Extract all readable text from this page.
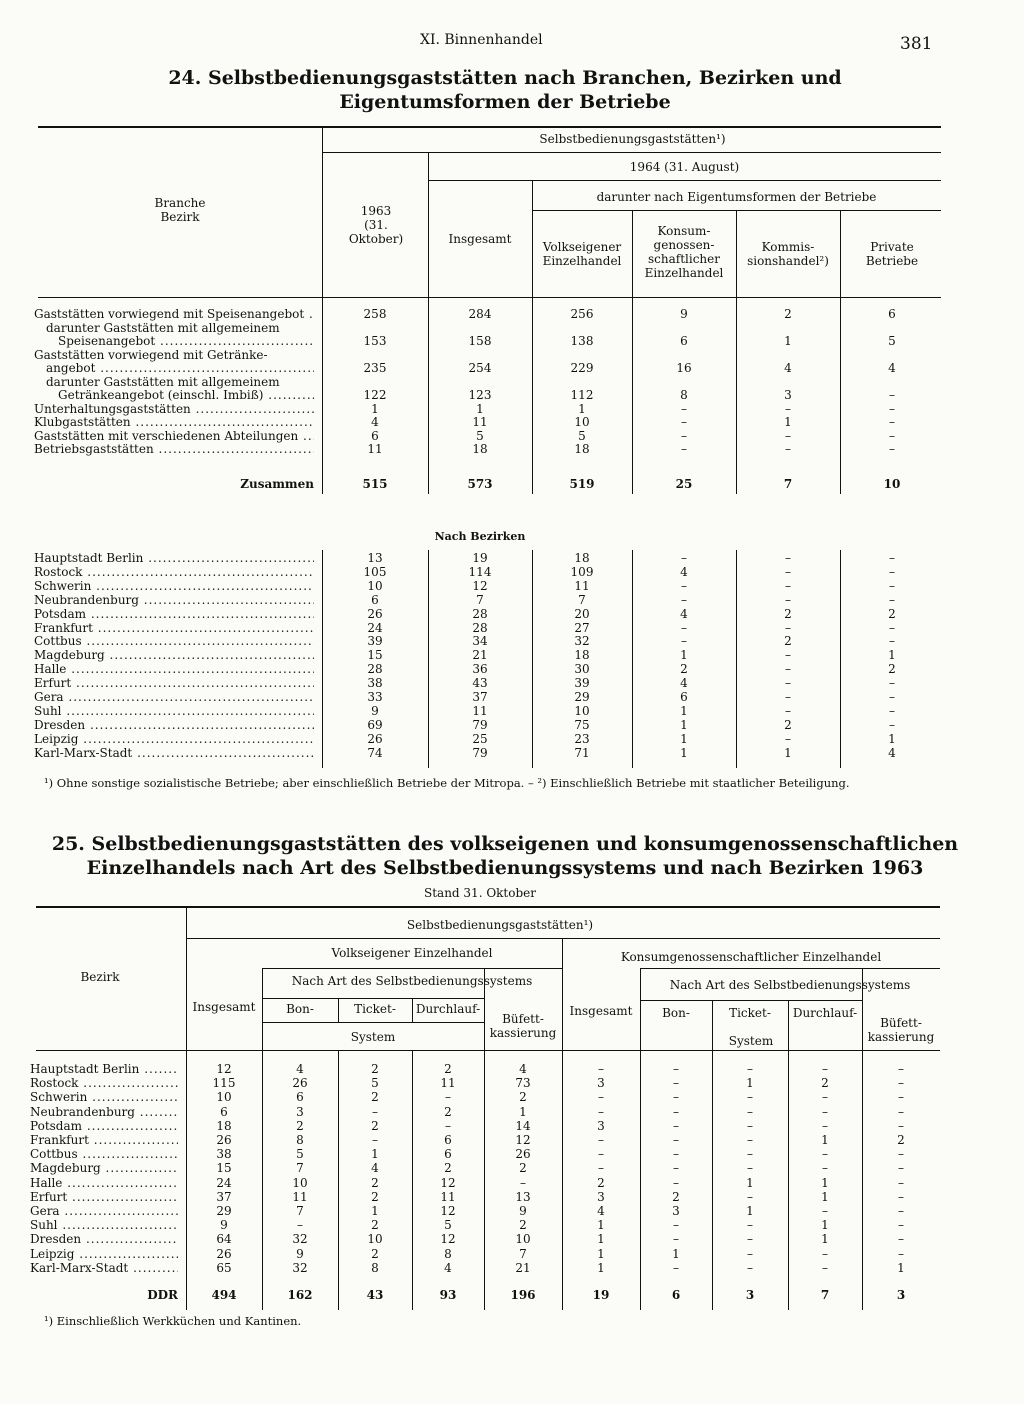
XI. Binnenhandel	381
24. Selbstbedienungsgaststätten nach Branchen, Bezirken und
Eigentumsformen der Betriebe
Branche
Bezirk
Selbstbedienungsgaststätten¹)
1963
(31.
Oktober)
1964 (31. August)
Insgesamt
darunter nach Eigentumsformen der Betriebe
Volkseigener
Einzelhandel
Konsum-
genossen-
schaftlicher
Einzelhandel
Kommis-
sionshandel²)
Private
Betriebe
Gaststätten vorwiegend mit Speisenangebot .....	258	284	256	9	2	6
darunter Gaststätten mit allgemeinem
Speisenangebot .....	153	158	138	6	1	5
Gaststätten vorwiegend mit Getränke-
angebot .....	235	254	229	16	4	4
darunter Gaststätten mit allgemeinem
Getränkeangebot (einschl. Imbiß) .....	122	123	112	8	3	–
Unterhaltungsgaststätten .....	1	1	1	–	–	–
Klubgaststätten .....	4	11	10	–	1	–
Gaststätten mit verschiedenen Abteilungen .....	6	5	5	–	–	–
Betriebsgaststätten .....	11	18	18	–	–	–
Zusammen	515	573	519	25	7	10
Nach Bezirken
Hauptstadt Berlin .....	13	19	18	–	–	–
Rostock .....	105	114	109	4	–	–
Schwerin .....	10	12	11	–	–	–
Neubrandenburg .....	6	7	7	–	–	–
Potsdam .....	26	28	20	4	2	2
Frankfurt .....	24	28	27	–	–	–
Cottbus .....	39	34	32	–	2	–
Magdeburg .....	15	21	18	1	–	1
Halle .....	28	36	30	2	–	2
Erfurt .....	38	43	39	4	–	–
Gera .....	33	37	29	6	–	–
Suhl .....	9	11	10	1	–	–
Dresden .....	69	79	75	1	2	–
Leipzig .....	26	25	23	1	–	1
Karl-Marx-Stadt .....	74	79	71	1	1	4
¹) Ohne sonstige sozialistische Betriebe; aber einschließlich Betriebe der Mitropa. – ²) Einschließlich Betriebe mit staatlicher Beteiligung.
25. Selbstbedienungsgaststätten des volkseigenen und konsumgenossenschaftlichen
Einzelhandels nach Art des Selbstbedienungssystems und nach Bezirken 1963
Stand 31. Oktober
Bezirk
Selbstbedienungsgaststätten¹)
Volkseigener Einzelhandel	Konsumgenossenschaftlicher Einzelhandel
Nach Art des Selbstbedienungssystems	Nach Art des Selbstbedienungssystems
Insgesamt	Insgesamt
Bon-	Ticket-	Durchlauf-
System
Büfett-
kassierung
Bon-	Ticket-	Durchlauf-
System
Büfett-
kassierung
Hauptstadt Berlin .....	12	4	2	2	4	–	–	–	–	–
Rostock .....	115	26	5	11	73	3	–	1	2	–
Schwerin .....	10	6	2	–	2	–	–	–	–	–
Neubrandenburg .....	6	3	–	2	1	–	–	–	–	–
Potsdam .....	18	2	2	–	14	3	–	–	–	–
Frankfurt .....	26	8	–	6	12	–	–	–	1	2
Cottbus .....	38	5	1	6	26	–	–	–	–	–
Magdeburg .....	15	7	4	2	2	–	–	–	–	–
Halle .....	24	10	2	12	–	2	–	1	1	–
Erfurt .....	37	11	2	11	13	3	2	–	1	–
Gera .....	29	7	1	12	9	4	3	1	–	–
Suhl .....	9	–	2	5	2	1	–	–	1	–
Dresden .....	64	32	10	12	10	1	–	–	1	–
Leipzig .....	26	9	2	8	7	1	1	–	–	–
Karl-Marx-Stadt .....	65	32	8	4	21	1	–	–	–	1
DDR	494	162	43	93	196	19	6	3	7	3
¹) Einschließlich Werkküchen und Kantinen.
